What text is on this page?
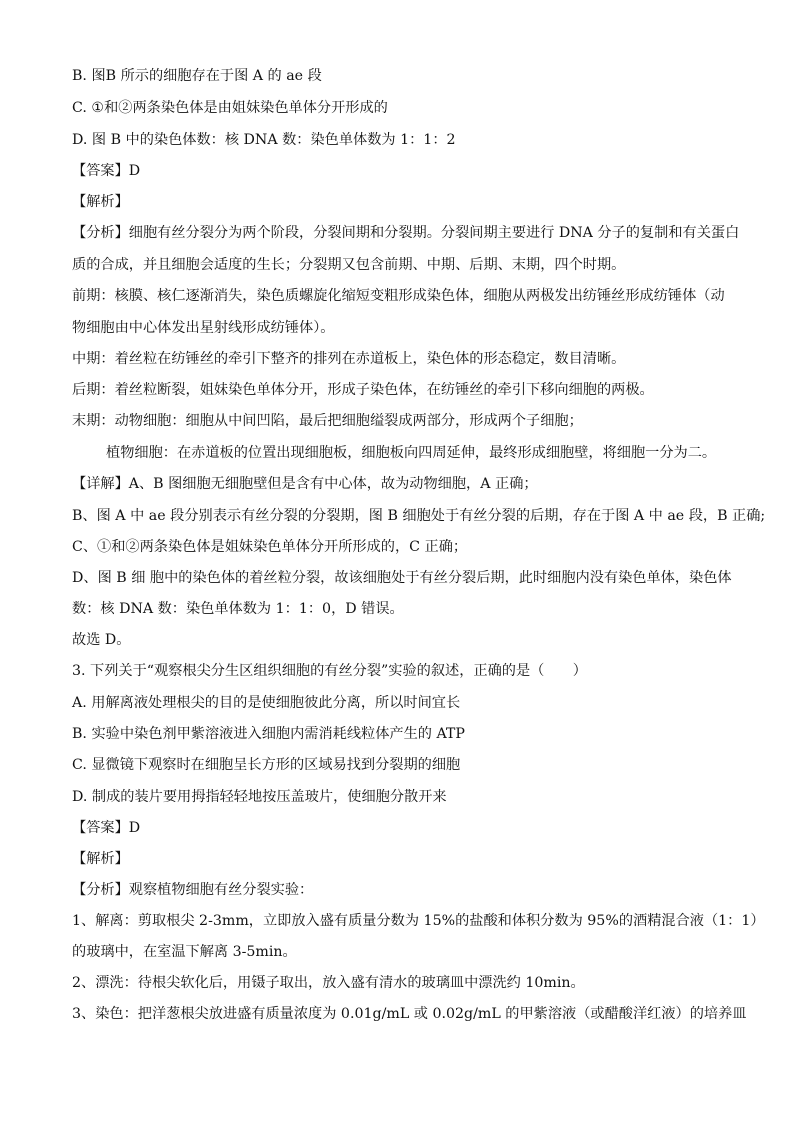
B. 图B 所示的细胞存在于图 A 的 ae 段
C. ①和②两条染色体是由姐妹染色单体分开形成的
D. 图 B 中的染色体数：核 DNA 数：染色单体数为 1：1：2
【答案】D
【解析】
【分析】细胞有丝分裂分为两个阶段，分裂间期和分裂期。分裂间期主要进行 DNA 分子的复制和有关蛋白
质的合成，并且细胞会适度的生长；分裂期又包含前期、中期、后期、末期，四个时期。
前期：核膜、核仁逐渐消失，染色质螺旋化缩短变粗形成染色体，细胞从两极发出纺锤丝形成纺锤体（动
物细胞由中心体发出星射线形成纺锤体）。
中期：着丝粒在纺锤丝的牵引下整齐的排列在赤道板上，染色体的形态稳定，数目清晰。
后期：着丝粒断裂，姐妹染色单体分开，形成子染色体，在纺锤丝的牵引下移向细胞的两极。
末期：动物细胞：细胞从中间凹陷，最后把细胞缢裂成两部分，形成两个子细胞；
植物细胞：在赤道板的位置出现细胞板，细胞板向四周延伸，最终形成细胞壁，将细胞一分为二。
【详解】A、B 图细胞无细胞壁但是含有中心体，故为动物细胞，A 正确；
B、图 A 中 ae 段分别表示有丝分裂的分裂期，图 B 细胞处于有丝分裂的后期，存在于图 A 中 ae 段，B 正确;
C、①和②两条染色体是姐妹染色单体分开所形成的，C 正确；
D、图 B 细 胞中的染色体的着丝粒分裂，故该细胞处于有丝分裂后期，此时细胞内没有染色单体，染色体
数：核 DNA 数：染色单体数为 1：1：0，D 错误。
故选 D。
3. 下列关于“观察根尖分生区组织细胞的有丝分裂”实验的叙述，正确的是（　　）
A. 用解离液处理根尖的目的是使细胞彼此分离，所以时间宜长
B. 实验中染色剂甲紫溶液进入细胞内需消耗线粒体产生的 ATP
C. 显微镜下观察时在细胞呈长方形的区域易找到分裂期的细胞
D. 制成的装片要用拇指轻轻地按压盖玻片，使细胞分散开来
【答案】D
【解析】
【分析】观察植物细胞有丝分裂实验：
1、解离：剪取根尖 2-3mm，立即放入盛有质量分数为 15%的盐酸和体积分数为 95%的酒精混合液（1：1）
的玻璃中，在室温下解离 3-5min。
2、漂洗：待根尖软化后，用镊子取出，放入盛有清水的玻璃皿中漂洗约 10min。
3、染色：把洋葱根尖放进盛有质量浓度为 0.01g/mL 或 0.02g/mL 的甲紫溶液（或醋酸洋红液）的培养皿
